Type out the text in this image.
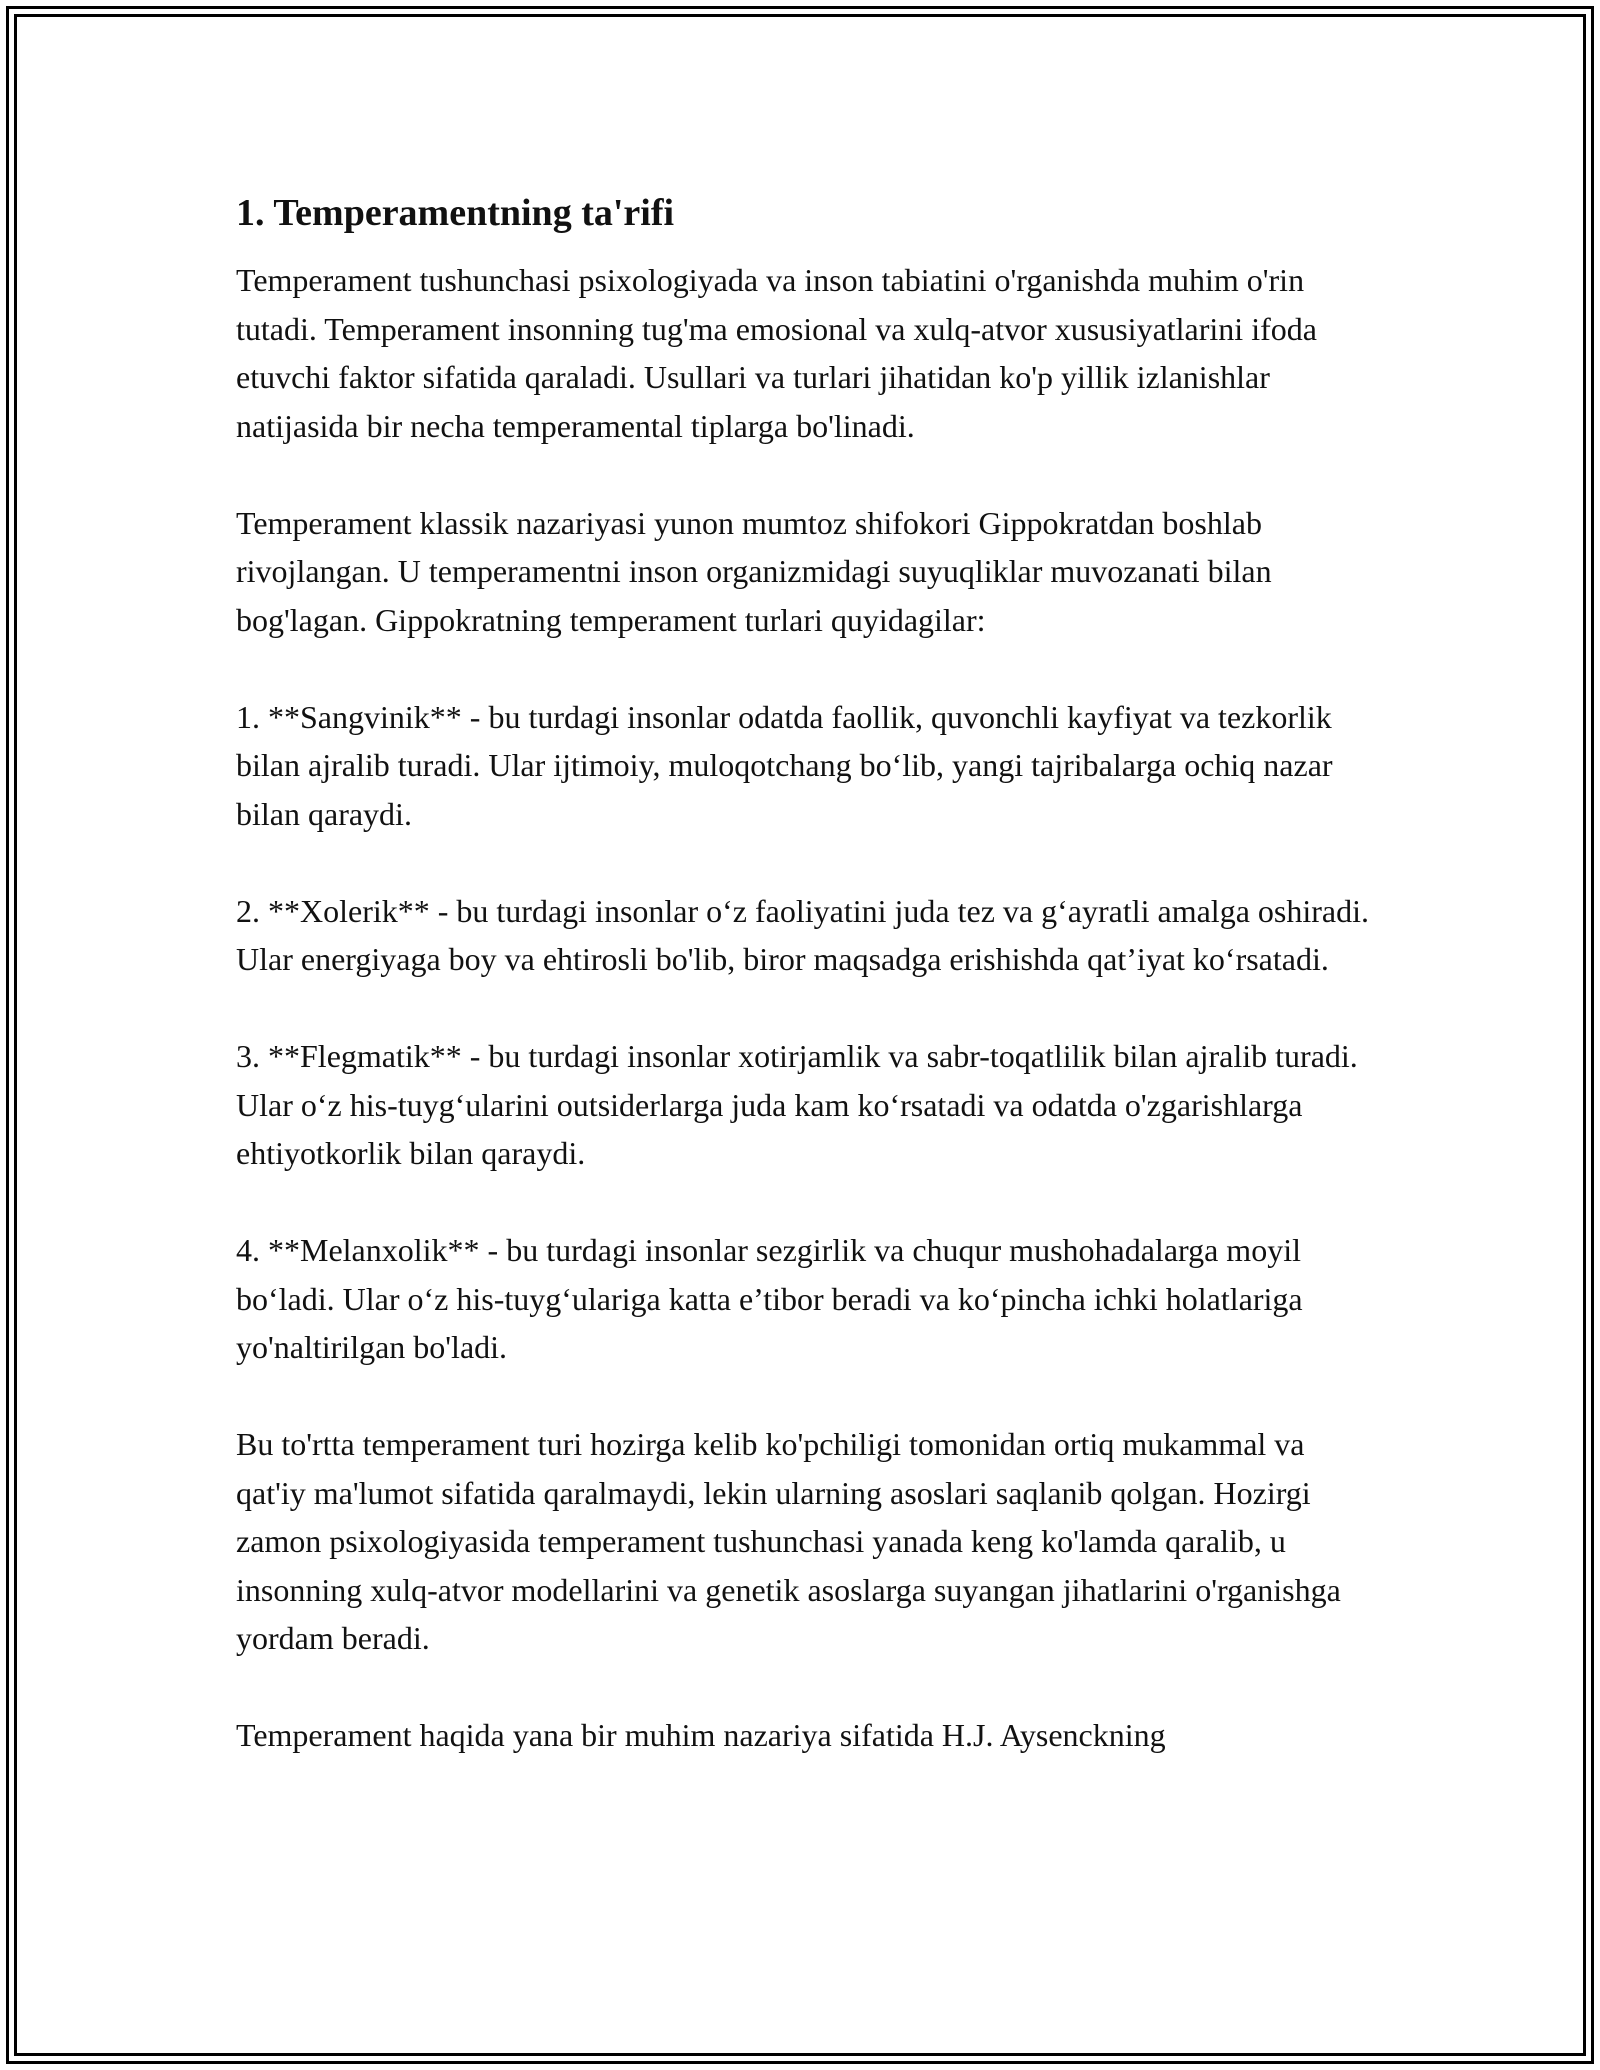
1. Temperamentning ta'rifi

Temperament tushunchasi psixologiyada va inson tabiatini o'rganishda muhim o'rin tutadi. Temperament insonning tug'ma emosional va xulq-atvor xususiyatlarini ifoda etuvchi faktor sifatida qaraladi. Usullari va turlari jihatidan ko'p yillik izlanishlar natijasida bir necha temperamental tiplarga bo'linadi.

Temperament klassik nazariyasi yunon mumtoz shifokori Gippokratdan boshlab rivojlangan. U temperamentni inson organizmidagi suyuqliklar muvozanati bilan bog'lagan. Gippokratning temperament turlari quyidagilar:

1. **Sangvinik** - bu turdagi insonlar odatda faollik, quvonchli kayfiyat va tezkorlik bilan ajralib turadi. Ular ijtimoiy, muloqotchang bo‘lib, yangi tajribalarga ochiq nazar bilan qaraydi.

2. **Xolerik** - bu turdagi insonlar o‘z faoliyatini juda tez va g‘ayratli amalga oshiradi. Ular energiyaga boy va ehtirosli bo'lib, biror maqsadga erishishda qat’iyat ko‘rsatadi.

3. **Flegmatik** - bu turdagi insonlar xotirjamlik va sabr-toqatlilik bilan ajralib turadi. Ular o‘z his-tuyg‘ularini outsiderlarga juda kam ko‘rsatadi va odatda o'zgarishlarga ehtiyotkorlik bilan qaraydi.

4. **Melanxolik** - bu turdagi insonlar sezgirlik va chuqur mushohadalarga moyil bo‘ladi. Ular o‘z his-tuyg‘ulariga katta e’tibor beradi va ko‘pincha ichki holatlariga yo'naltirilgan bo'ladi.

Bu to'rtta temperament turi hozirga kelib ko'pchiligi tomonidan ortiq mukammal va qat'iy ma'lumot sifatida qaralmaydi, lekin ularning asoslari saqlanib qolgan. Hozirgi zamon psixologiyasida temperament tushunchasi yanada keng ko'lamda qaralib, u insonning xulq-atvor modellarini va genetik asoslarga suyangan jihatlarini o'rganishga yordam beradi.

Temperament haqida yana bir muhim nazariya sifatida H.J. Aysenckning
